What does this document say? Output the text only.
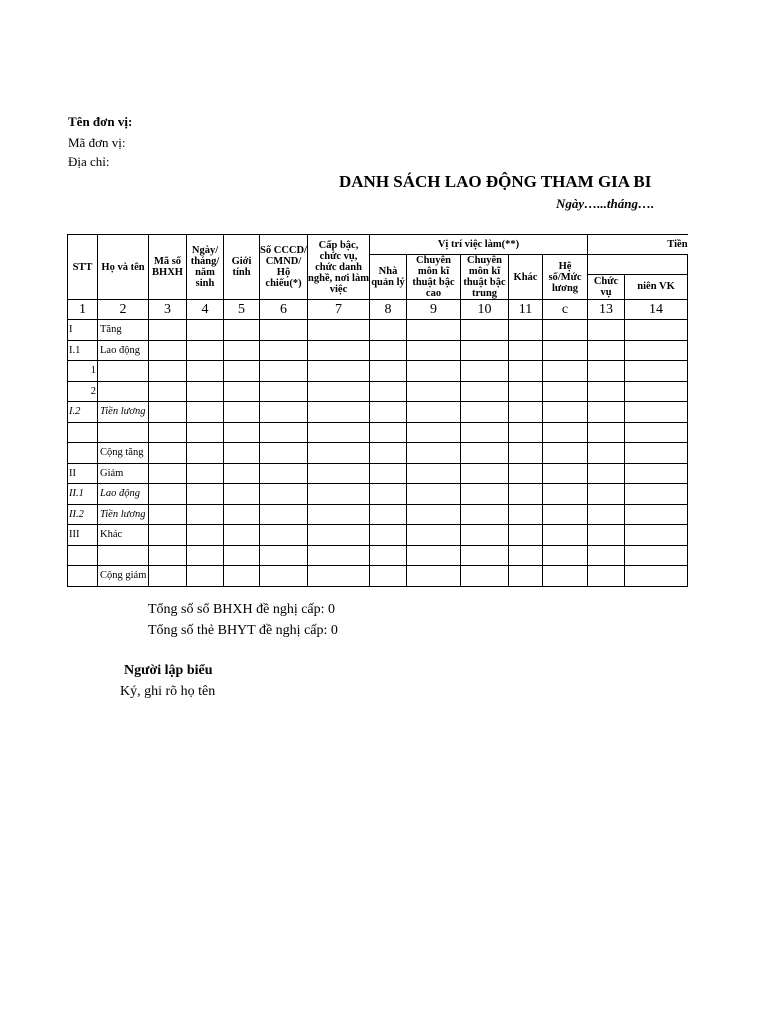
Tên đơn vị:
Mã đơn vị:
Địa chỉ:
DANH SÁCH LAO ĐỘNG THAM GIA BI
Ngày…...tháng….
STT	Họ và tên	Mã số BHXH	Ngày/ tháng/ năm sinh	Giới tính	Số CCCD/ CMND/ Hộ chiếu(*)	Cấp bậc, chức vụ, chức danh nghề, nơi làm việc	Vị trí việc làm(**)					Tiền	
							Nhà quản lý	Chuyên môn kĩ thuật bậc cao	Chuyên môn kĩ thuật bậc trung	Khác	Hệ số/Mức lương		
												Chức vụ	niên VK
1	2	3	4	5	6	7	8	9	10	11	c	13	14
I	Tăng												
I.1	Lao động												
1													
2													
I.2	Tiền lương												

	Cộng tăng												
II	Giảm												
II.1	Lao động												
II.2	Tiền lương												
III	Khác												

	Cộng giảm												
Tổng số sổ BHXH đề nghị cấp: 0
Tổng số thẻ BHYT đề nghị cấp: 0
Người lập biểu
Ký, ghi rõ họ tên
